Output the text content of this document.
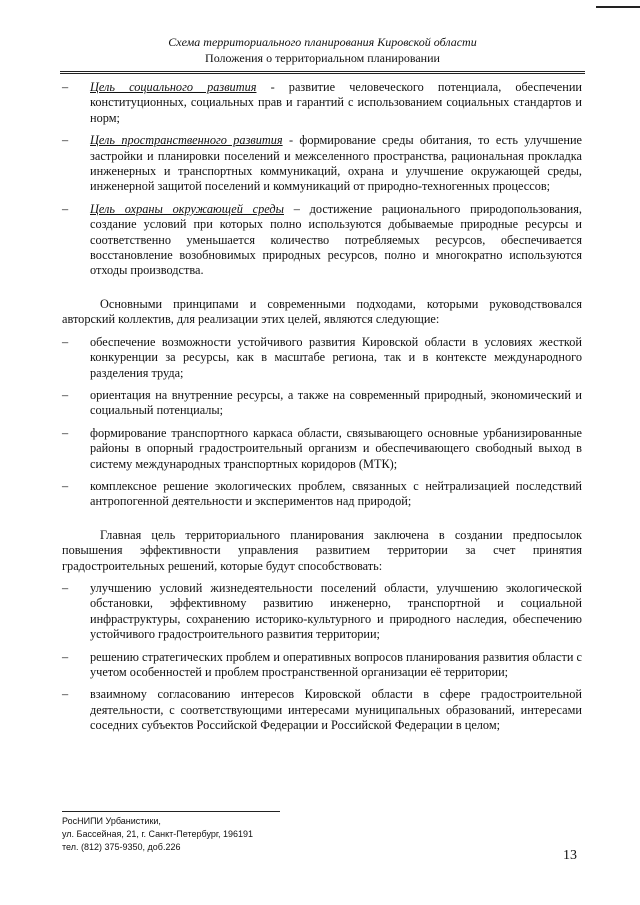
Схема территориального планирования Кировской области
Положения о территориальном планировании
– Цель социального развития - развитие человеческого потенциала, обеспечении конституционных, социальных прав и гарантий с использованием социальных стандартов и норм;
– Цель пространственного развития - формирование среды обитания, то есть улучшение застройки и планировки поселений и межселенного пространства, рациональная прокладка инженерных и транспортных коммуникаций, охрана и улучшение окружающей среды, инженерной защитой поселений и коммуникаций от природно-техногенных процессов;
– Цель охраны окружающей среды – достижение рационального природопользования, создание условий при которых полно используются добываемые природные ресурсы и соответственно уменьшается количество потребляемых ресурсов, обеспечивается восстановление возобновимых природных ресурсов, полно и многократно используются отходы производства.

Основными принципами и современными подходами, которыми руководствовался авторский коллектив, для реализации этих целей, являются следующие:

– обеспечение возможности устойчивого развития Кировской области в условиях жесткой конкуренции за ресурсы, как в масштабе региона, так и в контексте международного разделения труда;
– ориентация на внутренние ресурсы, а также на современный природный, экономический и социальный потенциалы;
– формирование транспортного каркаса области, связывающего основные урбанизированные районы в опорный градостроительный организм и обеспечивающего свободный выход в систему международных транспортных коридоров (МТК);
– комплексное решение экологических проблем, связанных с нейтрализацией последствий антропогенной деятельности и экспериментов над природой;

Главная цель территориального планирования заключена в создании предпосылок повышения эффективности управления развитием территории за счет принятия градостроительных решений, которые будут способствовать:

– улучшению условий жизнедеятельности поселений области, улучшению экологической обстановки, эффективному развитию инженерно, транспортной и социальной инфраструктуры, сохранению историко-культурного и природного наследия, обеспечению устойчивого градостроительного развития территории;
– решению стратегических проблем и оперативных вопросов планирования развития области с учетом особенностей и проблем пространственной организации её территории;
– взаимному согласованию интересов Кировской области в сфере градостроительной деятельности, с соответствующими интересами муниципальных образований, интересами соседних субъектов Российской Федерации и Российской Федерации в целом;
РосНИПИ Урбанистики,
ул. Бассейная, 21, г. Санкт-Петербург, 196191
тел. (812) 375-9350, доб.226
13
